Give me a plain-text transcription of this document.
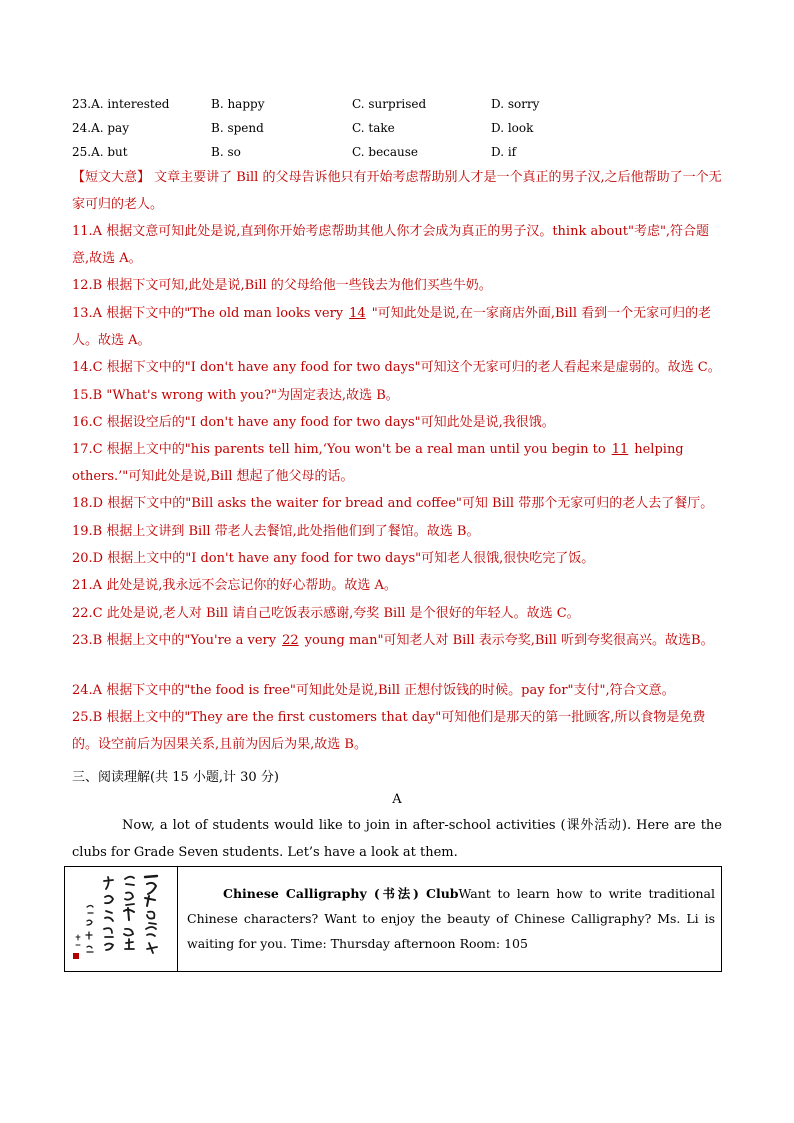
23.A. interested	B. happy	C. surprised	D. sorry
24.A. pay	B. spend	C. take	D. look
25.A. but	B. so	C. because	D. if
【短文大意】 文章主要讲了 Bill 的父母告诉他只有开始考虑帮助别人才是一个真正的男子汉,之后他帮助了一个无家可归的老人。
11.A 根据文意可知此处是说,直到你开始考虑帮助其他人你才会成为真正的男子汉。think about"考虑",符合题意,故选 A。
12.B 根据下文可知,此处是说,Bill 的父母给他一些钱去为他们买些牛奶。
13.A 根据下文中的"The old man looks very 14 "可知此处是说,在一家商店外面,Bill 看到一个无家可归的老人。故选 A。
14.C 根据下文中的"I don't have any food for two days"可知这个无家可归的老人看起来是虚弱的。故选 C。
15.B "What's wrong with you?"为固定表达,故选 B。
16.C 根据设空后的"I don't have any food for two days"可知此处是说,我很饿。
17.C 根据上文中的"his parents tell him,‘You won't be a real man until you begin to 11 helping others.’"可知此处是说,Bill 想起了他父母的话。
18.D 根据下文中的"Bill asks the waiter for bread and coffee"可知 Bill 带那个无家可归的老人去了餐厅。
19.B 根据上文讲到 Bill 带老人去餐馆,此处指他们到了餐馆。故选 B。
20.D 根据上文中的"I don't have any food for two days"可知老人很饿,很快吃完了饭。
21.A 此处是说,我永远不会忘记你的好心帮助。故选 A。
22.C 此处是说,老人对 Bill 请自己吃饭表示感谢,夸奖 Bill 是个很好的年轻人。故选 C。
23.B 根据上文中的"You're a very 22 young man"可知老人对 Bill 表示夸奖,Bill 听到夸奖很高兴。故选B。
24.A 根据下文中的"the food is free"可知此处是说,Bill 正想付饭钱的时候。pay for"支付",符合文意。
25.B 根据上文中的"They are the first customers that day"可知他们是那天的第一批顾客,所以食物是免费的。设空前后为因果关系,且前为因后为果,故选 B。
三、阅读理解(共 15 小题,计 30 分)
A
Now, a lot of students would like to join in after-school activities (课外活动). Here are the clubs for Grade Seven students. Let’s have a look at them.
Chinese Calligraphy (书法) ClubWant to learn how to write traditional Chinese characters? Want to enjoy the beauty of Chinese Calligraphy? Ms. Li is waiting for you. Time: Thursday afternoon Room: 105
